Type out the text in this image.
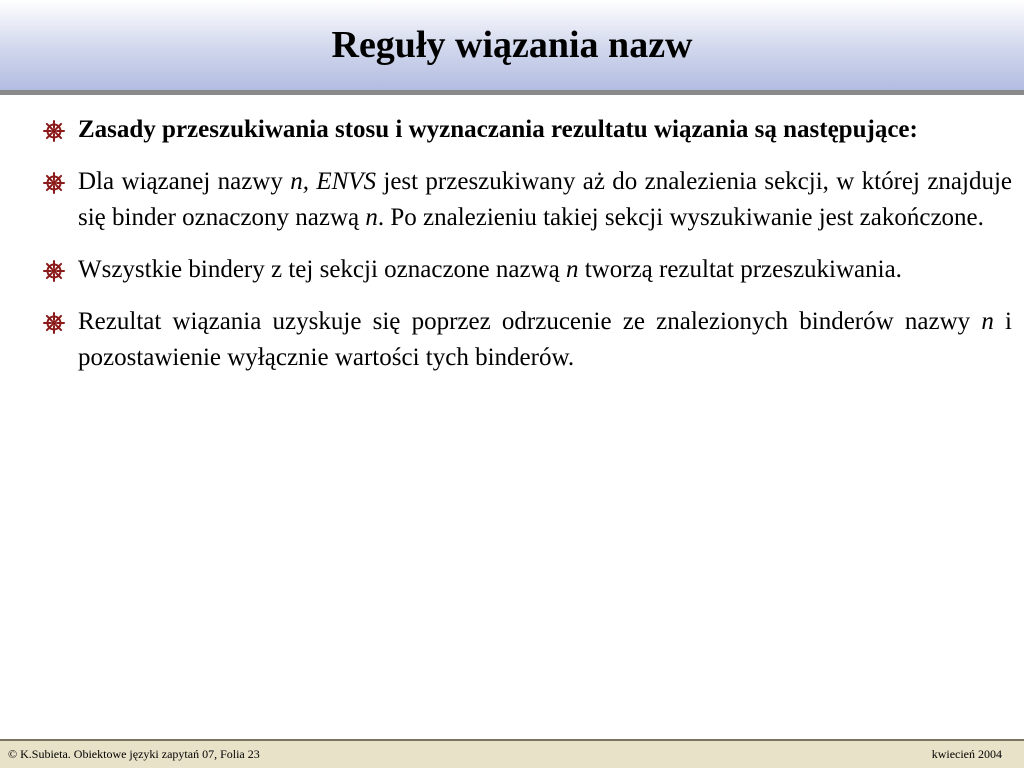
Reguły wiązania nazw
Zasady przeszukiwania stosu i wyznaczania rezultatu wiązania są następujące:
Dla wiązanej nazwy n, ENVS jest przeszukiwany aż do znalezienia sekcji, w której znajduje się binder oznaczony nazwą n. Po znalezieniu takiej sekcji wyszukiwanie jest zakończone.
Wszystkie bindery z tej sekcji oznaczone nazwą n tworzą rezultat przeszukiwania.
Rezultat wiązania uzyskuje się poprzez odrzucenie ze znalezionych binderów nazwy n i pozostawienie wyłącznie wartości tych binderów.
© K.Subieta. Obiektowe języki zapytań 07, Folia 23	kwiecień 2004
